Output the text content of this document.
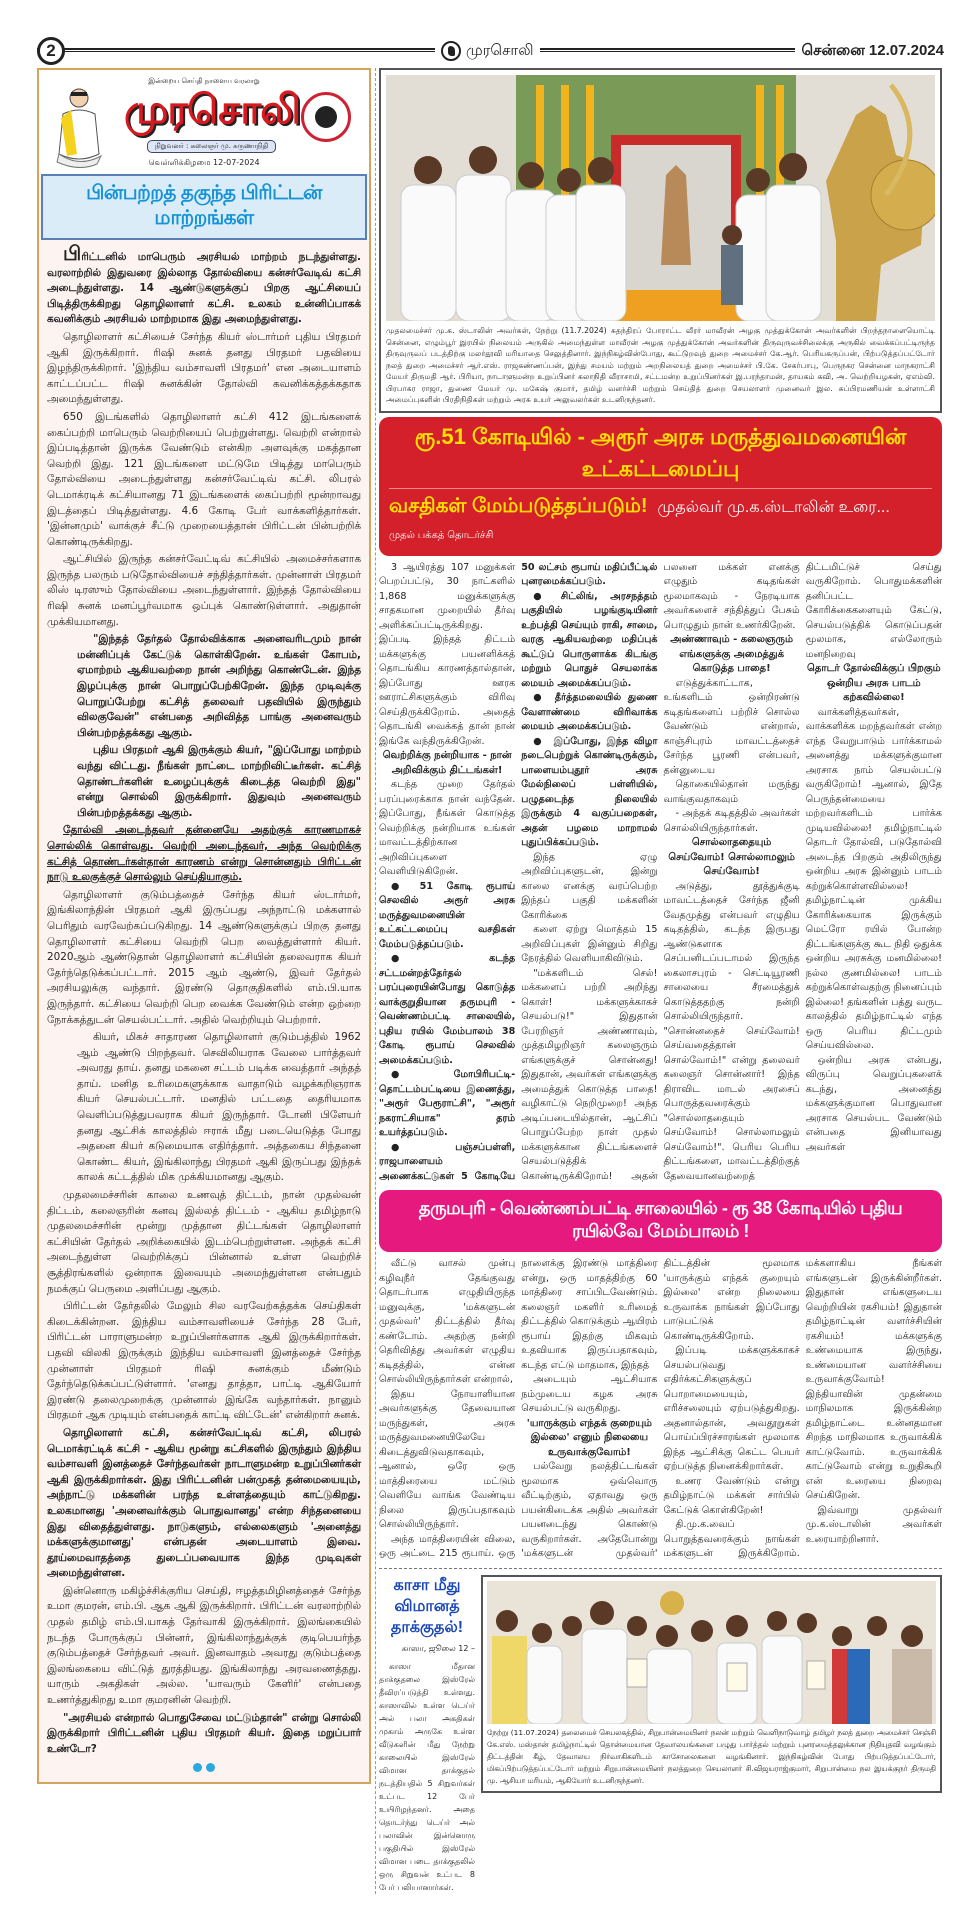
2	முரசொலி	சென்னை 12.07.2024
இன்றைய செய்தி நாளைய வரலாறு
முரசொலி
நிறுவனர் : கலைஞர் மு. கருணாநிதி
வெள்ளிக்கிழமை 12-07-2024
பின்பற்றத் தகுந்த பிரிட்டன் மாற்றங்கள்

பிரிட்டனில் மாபெரும் அரசியல் மாற்றம் நடந்துள்ளது. வரலாற்றில் இதுவரை இல்லாத தோல்வியை கன்சர்வேடிவ் கட்சி அடைந்துள்ளது. 14 ஆண்டுகளுக்குப் பிறகு ஆட்சியைப் பிடித்திருக்கிறது தொழிலாளர் கட்சி. உலகம் உன்னிப்பாகக் கவனிக்கும் அரசியல் மாற்றமாக இது அமைந்துள்ளது.

தொழிலாளர் கட்சியைச் சேர்ந்த கியர் ஸ்டார்மர் புதிய பிரதமர் ஆகி இருக்கிறார். ரிஷி சுனக் தனது பிரதமர் பதவியை இழந்திருக்கிறார். 'இந்திய வம்சாவளி பிரதமர்' என அடையாளம் காட்டப்பட்ட ரிஷி சுனக்கின் தோல்வி கவனிக்கத்தக்கதாக அமைந்துள்ளது.

650 இடங்களில் தொழிலாளர் கட்சி 412 இடங்களைக் கைப்பற்றி மாபெரும் வெற்றியைப் பெற்றுள்ளது. வெற்றி என்றால் இப்படித்தான் இருக்க வேண்டும் என்கிற அளவுக்கு மகத்தான வெற்றி இது. 121 இடங்களை மட்டுமே பிடித்து மாபெரும் தோல்வியை அடைந்துள்ளது கன்சர்வேட்டிவ் கட்சி. லிபரல் டெமாக்ரடிக் கட்சியானது 71 இடங்களைக் கைப்பற்றி மூன்றாவது இடத்தைப் பிடித்துள்ளது. 4.6 கோடி பேர் வாக்களித்தார்கள். 'இன்னமும்' வாக்குச் சீட்டு முறையைத்தான் பிரிட்டன் பின்பற்றிக் கொண்டிருக்கிறது.

ஆட்சியில் இருந்த கன்சர்வேட்டிவ் கட்சியில் அமைச்சர்களாக இருந்த பலரும் படுதோல்வியைச் சந்தித்தார்கள். முன்னாள் பிரதமர் லிஸ் டிரஸும் தோல்வியை அடைந்துள்ளார். இந்தத் தோல்வியை ரிஷி சுனக் மனப்பூர்வமாக ஒப்புக் கொண்டுள்ளார். அதுதான் முக்கியமானது.

"இந்தத் தேர்தல் தோல்விக்காக அனைவரிடமும் நான் மன்னிப்புக் கேட்டுக் கொள்கிறேன். உங்கள் கோபம், ஏமாற்றம் ஆகியவற்றை நான் அறிந்து கொண்டேன். இந்த இழப்புக்கு நான் பொறுப்பேற்கிறேன். இந்த முடிவுக்கு பொறுப்பேற்று கட்சித் தலைவர் பதவியில் இருந்தும் விலகுவேன்" என்பதை அறிவித்த பாங்கு அனைவரும் பின்பற்றத்தக்கது ஆகும்.

புதிய பிரதமர் ஆகி இருக்கும் கியர், "இப்போது மாற்றம் வந்து விட்டது. நீங்கள் நாட்டை மாற்றிவிட்டீர்கள். கட்சித் தொண்டர்களின் உழைப்புக்குக் கிடைத்த வெற்றி இது" என்று சொல்லி இருக்கிறார். இதுவும் அனைவரும் பின்பற்றத்தக்கது ஆகும்.

தோல்வி அடைந்தவர் தன்னையே அதற்குக் காரணமாகச் சொல்லிக் கொள்வது. வெற்றி அடைந்தவர், அந்த வெற்றிக்கு கட்சித் தொண்டர்கள்தான் காரணம் என்று சொன்னதும் பிரிட்டன் நாடு உலகுக்குச் சொல்லும் செய்தியாகும்.

தொழிலாளர் குடும்பத்தைச் சேர்ந்த கியர் ஸ்டார்மர், இங்கிலாந்தின் பிரதமர் ஆகி இருப்பது அந்நாட்டு மக்களால் பெரிதும் வரவேற்கப்படுகிறது. 14 ஆண்டுகளுக்குப் பிறகு தனது தொழிலாளர் கட்சியை வெற்றி பெற வைத்துள்ளார் கியர். 2020ஆம் ஆண்டுதான் தொழிலாளர் கட்சியின் தலைவராக கியர் தேர்ந்தெடுக்கப்பட்டார். 2015 ஆம் ஆண்டு, இவர் தேர்தல் அரசியலுக்கு வந்தார். இரண்டு தொகுதிகளில் எம்.பி.யாக இருந்தார். கட்சியை வெற்றி பெற வைக்க வேண்டும் என்ற ஒற்றை நோக்கத்துடன் செயல்பட்டார். அதில் வெற்றியும் பெற்றார்.

கியர், மிகச் சாதாரண தொழிலாளர் குடும்பத்தில் 1962 ஆம் ஆண்டு பிறந்தவர். செவிலியராக வேலை பார்த்தவர் அவரது தாய். தனது மகனை சட்டம் படிக்க வைத்தார் அந்தத் தாய். மனித உரிமைகளுக்காக வாதாடும் வழக்கறிஞராக கியர் செயல்பட்டார். மனதில் பட்டதை தைரியமாக வெளிப்படுத்துபவராக கியர் இருந்தார். டோனி பிளேயர் தனது ஆட்சிக் காலத்தில் ஈராக் மீது படையெடுத்த போது அதனை கியர் கடுமையாக எதிர்த்தார். அத்தகைய சிந்தனை கொண்ட கியர், இங்கிலாந்து பிரதமர் ஆகி இருப்பது இந்தக் காலக் கட்டத்தில் மிக முக்கியமானது ஆகும்.

முதலமைச்சரின் காலை உணவுத் திட்டம், நான் முதல்வன் திட்டம், கலைஞரின் கனவு இல்லத் திட்டம் - ஆகிய தமிழ்நாடு முதலமைச்சரின் மூன்று முத்தான திட்டங்கள் தொழிலாளர் கட்சியின் தேர்தல் அறிக்கையில் இடம்பெற்றுள்ளன. அந்தக் கட்சி அடைந்துள்ள வெற்றிக்குப் பின்னால் உள்ள வெற்றிச் சூத்திரங்களில் ஒன்றாக இவையும் அமைந்துள்ளன என்பதும் நமக்குப் பெருமை அளிப்பது ஆகும்.

பிரிட்டன் தேர்தலில் மேலும் சில வரவேற்கத்தக்க செய்திகள் கிடைக்கின்றன. இந்திய வம்சாவளியைச் சேர்ந்த 28 பேர், பிரிட்டன் பாராளுமன்ற உறுப்பினர்களாக ஆகி இருக்கிறார்கள். பதவி விலகி இருக்கும் இந்திய வம்சாவளி இனத்தைச் சேர்ந்த முன்னாள் பிரதமர் ரிஷி சுனக்கும் மீண்டும் தேர்ந்தெடுக்கப்பட்டுள்ளார். 'எனது தாத்தா, பாட்டி ஆகியோர் இரண்டு தலைமுறைக்கு முன்னால் இங்கே வந்தார்கள். நானும் பிரதமர் ஆக முடியும் என்பதைக் காட்டி விட்டேன்' என்கிறார் சுனக்.

தொழிலாளர் கட்சி, கன்சர்வேட்டிவ் கட்சி, லிபரல் டெமாக்ரட்டிக் கட்சி - ஆகிய மூன்று கட்சிகளில் இருந்தும் இந்திய வம்சாவளி இனத்தைச் சேர்ந்தவர்கள் நாடாளுமன்ற உறுப்பினர்கள் ஆகி இருக்கிறார்கள். இது பிரிட்டனின் பன்முகத் தன்மையையும், அந்நாட்டு மக்களின் பரந்த உள்ளத்தையும் காட்டுகிறது. உலகமானது 'அனைவர்க்கும் பொதுவானது' என்ற சிந்தனையை இது விதைத்துள்ளது. நாடுகளும், எல்லைகளும் 'அனைத்து மக்களுக்குமானது' என்பதன் அடையாளம் இவை. தூய்மைவாதத்தை துடைப்பவையாக இந்த முடிவுகள் அமைந்துள்ளன.

இன்னொரு மகிழ்ச்சிக்குரிய செய்தி, ஈழத்தமிழினத்தைச் சேர்ந்த உமா குமரன், எம்.பி. ஆக ஆகி இருக்கிறார். பிரிட்டன் வரலாற்றில் முதல் தமிழ் எம்.பி.யாகத் தேர்வாகி இருக்கிறார். இலங்கையில் நடந்த போருக்குப் பின்னர், இங்கிலாந்துக்குக் குடிபெயர்ந்த குடும்பத்தைச் சேர்ந்தவர் அவர். இனவாதம் அவரது குடும்பத்தை இலங்கையை விட்டுத் துரத்தியது. இங்கிலாந்து அரவணைத்தது. யாரும் அகதிகள் அல்ல. 'யாவரும் கேளிர்' என்பதை உணர்த்துகிறது உமா குமரனின் வெற்றி.

"அரசியல் என்றால் பொதுசேவை மட்டும்தான்" என்று சொல்லி இருக்கிறார் பிரிட்டனின் புதிய பிரதமர் கியர். இதை மறுப்பார் உண்டோ?

முதலமைச்சர் மு.க. ஸ்டாலின் அவர்கள், நேற்று (11.7.2024) சுதந்திரப் போராட்ட வீரர் மாவீரன் அழகு முத்துக்கோன் அவர்களின் பிறந்தநாளையொட்டி சென்னை, எழும்பூர் இரயில் நிலையம் அருகில் அமைந்துள்ள மாவீரன் அழகு முத்துக்கோன் அவர்களின் திருவுருவச்சிலைக்கு அருகில் வைக்கப்பட்டிருந்த திருவுருவப் படத்திற்கு மலர்தூவி மரியாதை செலுத்தினார். இந்நிகழ்வின்போது, கூட்டுறவுத் துறை அமைச்சர் கே.ஆர். பெரியகருப்பன், பிற்படுத்தப்பட்டோர் நலத் துறை அமைச்சர் ஆர்.எஸ். ராஜகண்ணப்பன், இந்து சமயம் மற்றும் அறநிலையத் துறை அமைச்சர் பி.கே. சேகர்பாபு, பெருநகர சென்னை மாநகராட்சி மேயர் திருமதி ஆர். பிரியா, நாடாளுமன்ற உறுப்பினர் கலாநிதி வீராசாமி, சட்டமன்ற உறுப்பினர்கள் இ.பரந்தாமன், தாயகம் கவி, அ. வெற்றியழகன், ஏஎம்வி. பிரபாகர ராஜா, துணை மேயர் மு. மகேஷ் குமார், தமிழ் வளர்ச்சி மற்றும் செய்தித் துறை செயலாளர் முனைவர் இல. சுப்பிரமணியன் உள்ளாட்சி அமைப்புகளின் பிரதிநிதிகள் மற்றும் அரசு உயர் அலுவலர்கள் உடனிருந்தனர்.
ரூ.51 கோடியில் - அரூர் அரசு மருத்துவமனையின் உட்கட்டமைப்பு
வசதிகள் மேம்படுத்தப்படும்! முதல்வர் மு.க.ஸ்டாலின் உரை...
முதல் பக்கத் தொடர்ச்சி

3 ஆயிரத்து 107 மனுக்கள் பெறப்பட்டு, 30 நாட்களில் 1,868 மனுக்களுக்கு சாதகமான முறையில் தீர்வு அளிக்கப்பட்டிருக்கிறது. இப்படி இந்தத் திட்டம் மக்களுக்கு பயனளிக்கத் தொடங்கிய காரணத்தால்தான், இப்போது ஊரக ஊராட்சிகளுக்கும் விரிவு செய்திருக்கிறோம். அதைத் தொடங்கி வைக்கத் தான் நான் இங்கே வந்திருக்கிறேன்.

வெற்றிக்கு நன்றியாக - நான் அறிவிக்கும் திட்டங்கள்!

கடந்த முறை தேர்தல் பரப்புரைக்காக நான் வந்தேன். இப்போது, நீங்கள் கொடுத்த வெற்றிக்கு நன்றியாக உங்கள் மாவட்டத்திற்கான அறிவிப்புகளை வெளியிடுகிறேன்.

● 51 கோடி ரூபாய் செலவில் அரூர் அரசு மருத்துவமனையின் உட்கட்டமைப்பு வசதிகள் மேம்படுத்தப்படும்.

● கடந்த சட்டமன்றத்தேர்தல் பரப்புரையின்போது கொடுத்த வாக்குறுதியான தருமபுரி - வெண்ணம்பட்டி சாலையில், புதிய ரயில் மேம்பாலம் 38 கோடி ரூபாய் செலவில் அமைக்கப்படும்.

● மோபிரிபட்டி-தொட்டம்பட்டியை இணைத்து, "அரூர் பேரூராட்சி", "அரூர் நகராட்சியாக" தரம் உயர்த்தப்படும்.

● பஞ்சப்பள்ளி, ராஜபாளையம் அணைக்கட்டுகள் 5 கோடியே 50 லட்சம் ரூபாய் மதிப்பீட்டில் புனரமைக்கப்படும்.

● சிட்லிங், அரசநத்தம் பகுதியில் பழங்குடியினர் உற்பத்தி செய்யும் ராகி, சாமை, வரகு ஆகியவற்றை மதிப்புக் கூட்டுப் பொருளாக்க கிடங்கு மற்றும் பொதுச் செயலாக்க மையம் அமைக்கப்படும்.

● தீர்த்தமலையில் துணை வேளாண்மை விரிவாக்க மையம் அமைக்கப்படும்.

● இப்போது, இந்த விழா நடைபெற்றுக் கொண்டிருக்கும், பாளையம்புதூர் அரசு மேல்நிலைப் பள்ளியில், பழுதடைந்த நிலையில் இருக்கும் 4 வகுப்பறைகள், அதன் பழமை மாறாமல் புதுப்பிக்கப்படும்.

இந்த ஏழு அறிவிப்புகளுடன், இன்று காலை எனக்கு வரப்பெற்ற இந்தப் பகுதி மக்களின் கோரிக்கை

களை ஏற்று மொத்தம் 15 அறிவிப்புகள் இன்னும் சிறிது நேரத்தில் வெளியாகிவிடும்.

"மக்களிடம் செல்! மக்களைப் பற்றி அறிந்து கொள்! மக்களுக்காகச் செயல்படு!" இதுதான் பேரறிஞர் அண்ணாவும், முத்தமிழறிஞர் கலைஞரும் எங்களுக்குச் சொன்னது! இதுதான், அவர்கள் எங்களுக்கு அமைத்துக் கொடுத்த பாதை! வழிகாட்டு நெறிமுறை! அந்த அடிப்படையில்தான், ஆட்சிப் பொறுப்பேற்ற நாள் முதல் மக்களுக்கான திட்டங்களைச் செயல்படுத்திக் கொண்டிருக்கிறோம்! அதன் பலனை மக்கள் எனக்கு எழுதும் கடிதங்கள் மூலமாகவும் - நேரடியாக அவர்களைச் சந்தித்துப் பேசும் பொழுதும் நான் உணர்கிறேன்.

அண்ணாவும் - கலைஞரும் எங்களுக்கு அமைத்துக் கொடுத்த பாதை!

எடுத்துக்காட்டாக, உங்களிடம் ஒன்றிரண்டு கடிதங்களைப் பற்றிச் சொல்ல வேண்டும் என்றால், காஞ்சிபுரம் மாவட்டத்தைச் சேர்ந்த பூரணி என்பவர், தன்னுடைய

தொகையில்தான் மருந்து வாங்குவதாகவும்

- அந்தக் கடிதத்தில் அவர்கள் சொல்லியிருந்தார்கள்.

சொல்லாததையும் செய்வோம்! சொல்லாமலும் செய்வோம்!

அடுத்து, தூத்துக்குடி மாவட்டத்தைச் சேர்ந்த ஜீனி வேதமுத்து என்பவர் எழுதிய கடிதத்தில், கடந்த இருபது ஆண்டுகளாக செப்பனிடப்படாமல் இருந்த கைலாசபுரம் - செட்டியூரணி சாலையை சீரமைத்துக் கொடுத்ததற்கு நன்றி சொல்லியிருந்தார். "சொன்னதைச் செய்வோம்! செய்வதைத்தான் சொல்வோம்!" என்று தலைவர் கலைஞர் சொன்னார்! இந்த திராவிட மாடல் அரசைப் பொருத்தவரைக்கும் "சொல்லாததையும் செய்வோம்! சொல்லாமலும் செய்வோம்!". பெரிய பெரிய திட்டங்களை, மாவட்டத்திற்குத் தேவையானவற்றைத் திட்டமிட்டுச் செய்து வருகிறோம். பொதுமக்களின் தனிப்பட்ட கோரிக்கைகளையும் கேட்டு, செயல்படுத்திக் கொடுப்பதன் மூலமாக, எல்லோரும் மனநிறைவு

தொடர் தோல்விக்குப் பிறகும் ஒன்றிய அரசு பாடம் கற்கவில்லை!

வாக்களித்தவர்கள், வாக்களிக்க மறந்தவர்கள் என்ற எந்த வேறுபாடும் பார்க்காமல் அனைத்து மக்களுக்குமான அரசாக நாம் செயல்பட்டு வருகிறோம்! ஆனால், இதே பெருந்தன்மையை மற்றவர்களிடம் பார்க்க முடியவில்லை! தமிழ்நாட்டில் தொடர் தோல்வி, படுதோல்வி அடைந்த பிறகும் அதிலிருந்து ஒன்றிய அரசு இன்னும் பாடம் கற்றுக்கொள்ளவில்லை! தமிழ்நாட்டின் முக்கிய கோரிக்கையாக இருக்கும் மெட்ரோ ரயில் போன்ற திட்டங்களுக்கு கூட நிதி ஒதுக்க ஒன்றிய அரசுக்கு மனமில்லை! நல்ல குணமில்லை! பாடம் கற்றுக்கொள்வதற்கு நினைப்பும் இல்லை! தங்களின் பத்து வருட காலத்தில் தமிழ்நாட்டில் எந்த ஒரு பெரிய திட்டமும் செய்யவில்லை.

ஒன்றிய அரசு என்பது, விருப்பு வெறுப்புகளைக் கடந்து, அனைத்து மக்களுக்குமான பொதுவான அரசாக செயல்பட வேண்டும் என்பதை இனியாவது அவர்கள்

தருமபுரி - வெண்ணம்பட்டி சாலையில் - ரூ 38 கோடியில் புதிய ரயில்வே மேம்பாலம் !

வீட்டு வாசல் முன்பு கழிவுநீர் தேங்குவது தொடர்பாக எழுதியிருந்த மனுவுக்கு, 'மக்களுடன் முதல்வர்' திட்டத்தில் தீர்வு கண்டோம். அதற்கு நன்றி தெரிவித்து அவர்கள் எழுதிய கடிதத்தில், என்ன சொல்லியிருந்தார்கள் என்றால்,

இதய நோயாளியான அவர்களுக்கு தேவையான மருந்துகள், அரசு மருத்துவமனையிலேயே கிடைத்துவிடுவதாகவும், ஆனால், ஒரே ஒரு மாத்திரையை மட்டும் வெளியே வாங்க வேண்டிய நிலை இருப்பதாகவும் சொல்லியிருந்தார்.

அந்த மாத்திரையின் விலை, ஒரு அட்டை 215 ரூபாய். ஒரு நாளைக்கு இரண்டு மாத்திரை என்று, ஒரு மாதத்திற்கு 60 மாத்திரை சாப்பிடவேண்டும். கலைஞர் மகளிர் உரிமைத் திட்டத்தில் கொடுக்கும் ஆயிரம் ரூபாய் இதற்கு மிகவும் உதவியாக இருப்பதாகவும், கடந்த எட்டு மாதமாக, இந்தத்

அடையும் ஆட்சியாக நம்முடைய கழக அரசு செயல்பட்டு வருகிறது.

'யாருக்கும் எந்தக் குறையும் இல்லை' எனும் நிலையை உருவாக்குவோம்!

பல்வேறு நலத்திட்டங்கள் மூலமாக ஒவ்வொரு வீட்டிற்கும், ஏதாவது ஒரு பயன்கிடைக்க அதில் அவர்கள் பயனடைந்து கொண்டு வருகிறார்கள். அதேபோன்று 'மக்களுடன் முதல்வர்' திட்டத்தின் மூலமாக 'யாருக்கும் எந்தக் குறையும் இல்லை' என்ற நிலையை உருவாக்க நாங்கள் இப்போது பாடுபட்டுக் கொண்டிருக்கிறோம்.

இப்படி மக்களுக்காகச் செயல்படுவது எதிர்க்கட்சிகளுக்குப் பொறாமையையும், எரிச்சலையும் ஏற்படுத்துகிறது. அதனால்தான், அவதூறுகள் பொய்ப்பிரச்சாரங்கள் மூலமாக இந்த ஆட்சிக்கு கெட்ட பெயர் ஏற்படுத்த நினைக்கிறார்கள்.

உணர வேண்டும் என்று தமிழ்நாட்டு மக்கள் சார்பில் கேட்டுக் கொள்கிறேன்!

தி.மு.க.வைப் பொறுத்தவரைக்கும் நாங்கள் மக்களுடன் இருக்கிறோம். மக்களாகிய நீங்கள் எங்களுடன் இருக்கின்றீர்கள். இதுதான் எங்களுடைய வெற்றியின் ரகசியம்! இதுதான் தமிழ்நாட்டின் வளர்ச்சியின் ரகசியம்! மக்களுக்கு உண்மையாக இருந்து, உண்மையான வளர்ச்சியை உருவாக்குவோம்! இந்தியாவின் முதன்மை மாநிலமாக இருக்கின்ற தமிழ்நாட்டை உன்னதமான சிறந்த மாநிலமாக உருவாக்கிக் காட்டுவோம். உருவாக்கிக் காட்டுவோம் என்று உறுதிகூறி என் உரையை நிறைவு செய்கிறேன்.

இவ்வாறு முதல்வர் மு.க.ஸ்டாலின் அவர்கள் உரையாற்றினார்.

காசா மீது விமானத் தாக்குதல்!
காஸா, ஜூலை 12 –

காஸா மீதான தாக்குதலை இஸ்ரேல் தீவிரப்படுத்தி உள்ளது. காஸாவில் உள்ள டெய்ர் அல் பலா அகதிகள் முகாம் அருகே உள்ள வீடுகளின் மீது நேற்று காலையில் இஸ்ரேல் விமான தாக்குதல் நடத்தியதில் 5 சிறுவர்கள் உட்பட 12 பேர் உயிரிழந்தனர். அதை தொடர்ந்து டெய்ர் அல் பலாவின் இன்னொரு பகுதியில் இஸ்ரேல் விமான படை தாக்குதலில் ஒரு சிறுவன் உட்பட 8 பேர் பலியானார்கள்.

நேற்று (11.07.2024) தலைமைச் செயலகத்தில், சிறுபான்மையினர் நலன் மற்றும் வெளிநாடுவாழ் தமிழர் நலத் துறை அமைச்சர் செஞ்சி கே.எஸ். மஸ்தான் தமிழ்நாட்டில் தொன்மையான தேவாலயங்களை பழுது பார்த்தல் மற்றும் புனரமைத்தலுக்கான நிதியுதவி வழங்கும் திட்டத்தின் கீழ், தேவாலய நிர்வாகிகளிடம் காசோலைகளை வழங்கினார். இந்நிகழ்வின் போது பிற்படுத்தப்பட்டோர், மிகப்பிற்படுத்தப்பட்டோர் மற்றும் சிறுபான்மையினர் நலத்துறை செயலாளர் சி.விஜயராஜ்குமார், சிறுபான்மை நல இயக்குநர் திருமதி மு. ஆசியா மரியம், ஆகியோர் உடனிருந்தனர்.
